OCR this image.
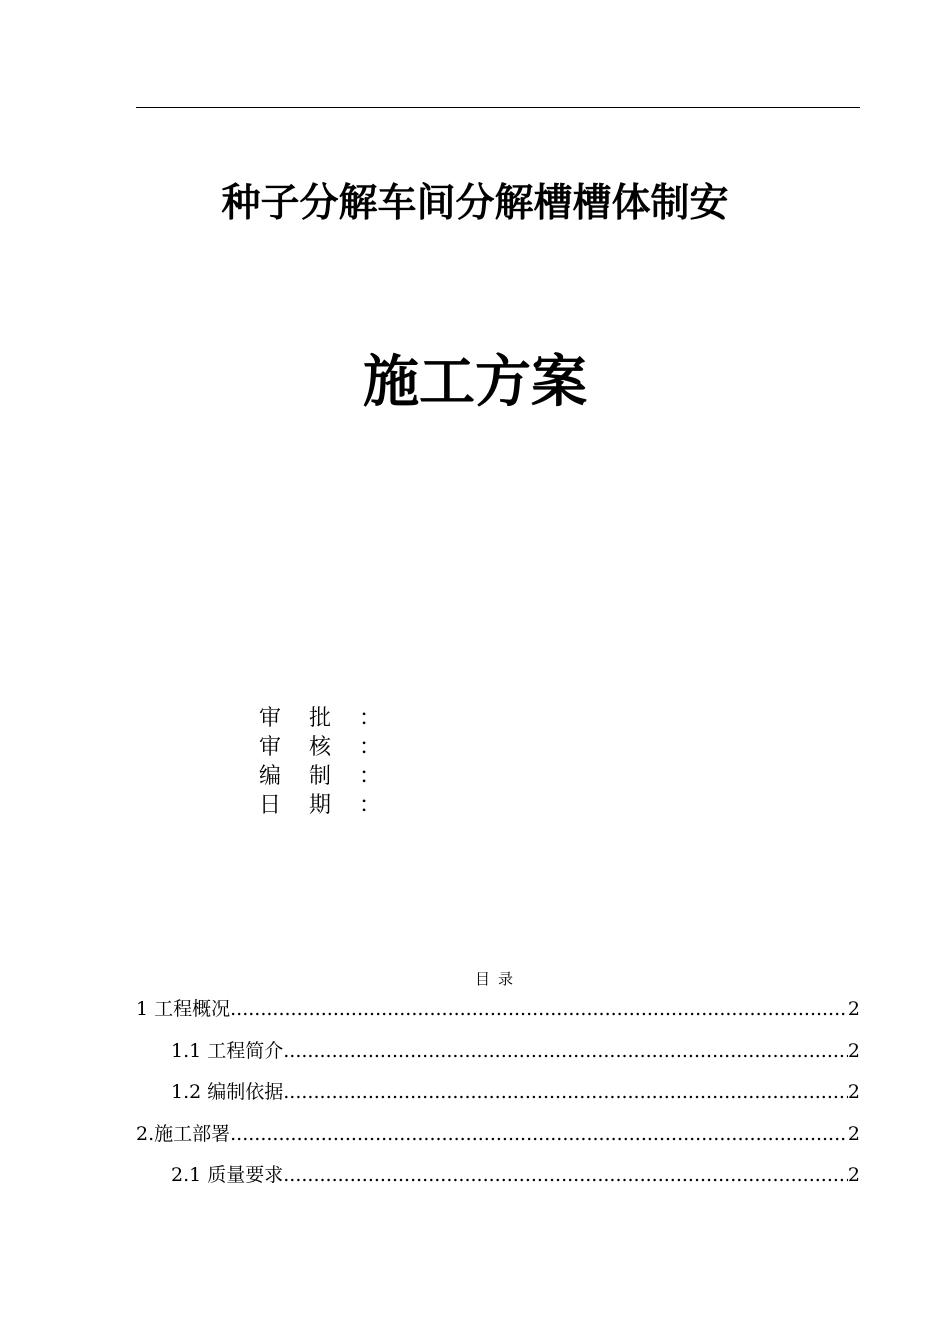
种子分解车间分解槽槽体制安
施工方案
审批 ：
审核 ：
编制 ：
日期 ：
目录
1 工程概况 .....	2
1.1 工程简介 .....	2
1.2 编制依据 .....	2
2.施工部署 .....	2
2.1 质量要求 .....	2
